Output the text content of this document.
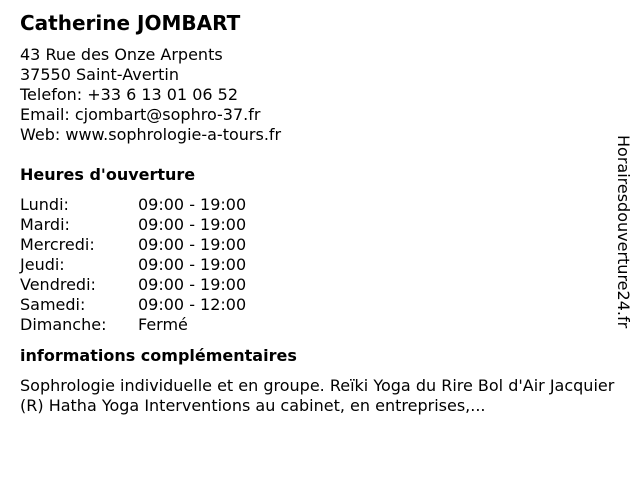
Catherine JOMBART
43 Rue des Onze Arpents
37550 Saint-Avertin
Telefon: +33 6 13 01 06 52
Email: cjombart@sophro-37.fr
Web: www.sophrologie-a-tours.fr
Heures d'ouverture
Lundi:	09:00 - 19:00
Mardi:	09:00 - 19:00
Mercredi:	09:00 - 19:00
Jeudi:	09:00 - 19:00
Vendredi:	09:00 - 19:00
Samedi:	09:00 - 12:00
Dimanche:	Fermé
informations complémentaires
Sophrologie individuelle et en groupe. Reïki Yoga du Rire Bol d'Air Jacquier (R) Hatha Yoga Interventions au cabinet, en entreprises,...
Horairesdouverture24.fr
